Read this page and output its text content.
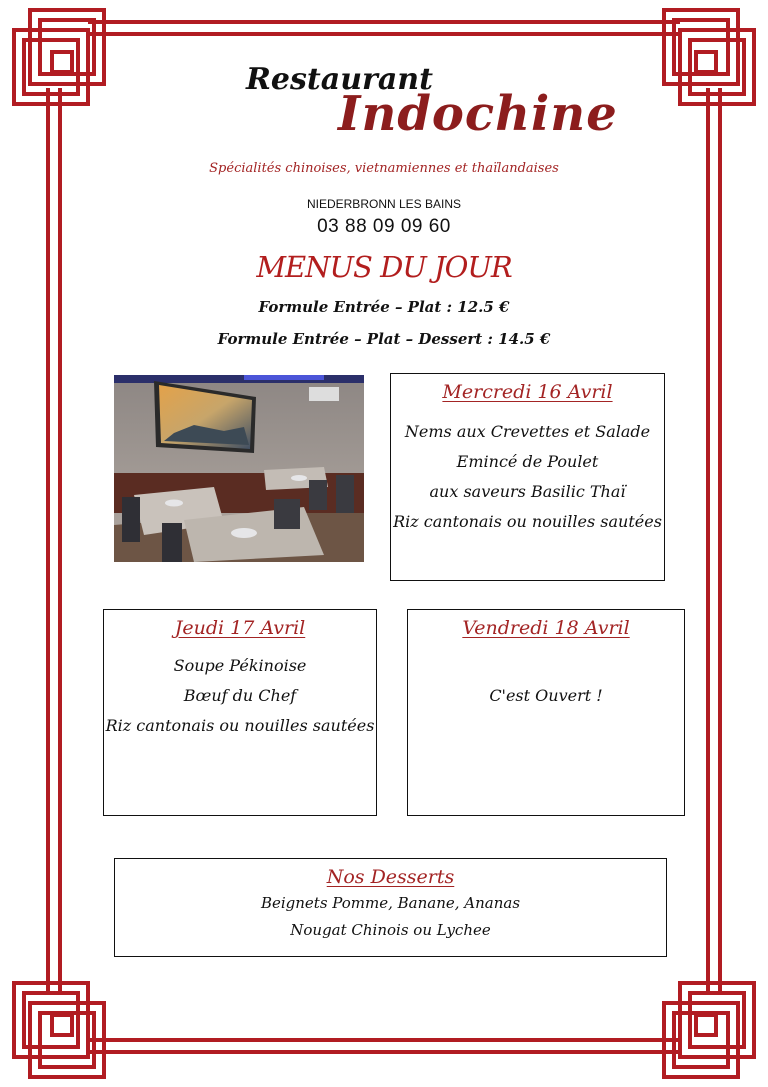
Restaurant
Indochine
Spécialités chinoises, vietnamiennes et thaïlandaises
NIEDERBRONN LES BAINS
03 88 09 09 60
MENUS DU JOUR
Formule Entrée – Plat : 12.5 €
Formule Entrée – Plat – Dessert : 14.5 €
Mercredi 16 Avril
Nems aux Crevettes et Salade
Emincé de Poulet
aux saveurs Basilic Thaï
Riz cantonais ou nouilles sautées
Jeudi 17 Avril
Soupe Pékinoise
Bœuf du Chef
Riz cantonais ou nouilles sautées
Vendredi 18 Avril
C'est Ouvert !
Nos Desserts
Beignets Pomme, Banane, Ananas
Nougat Chinois ou Lychee
